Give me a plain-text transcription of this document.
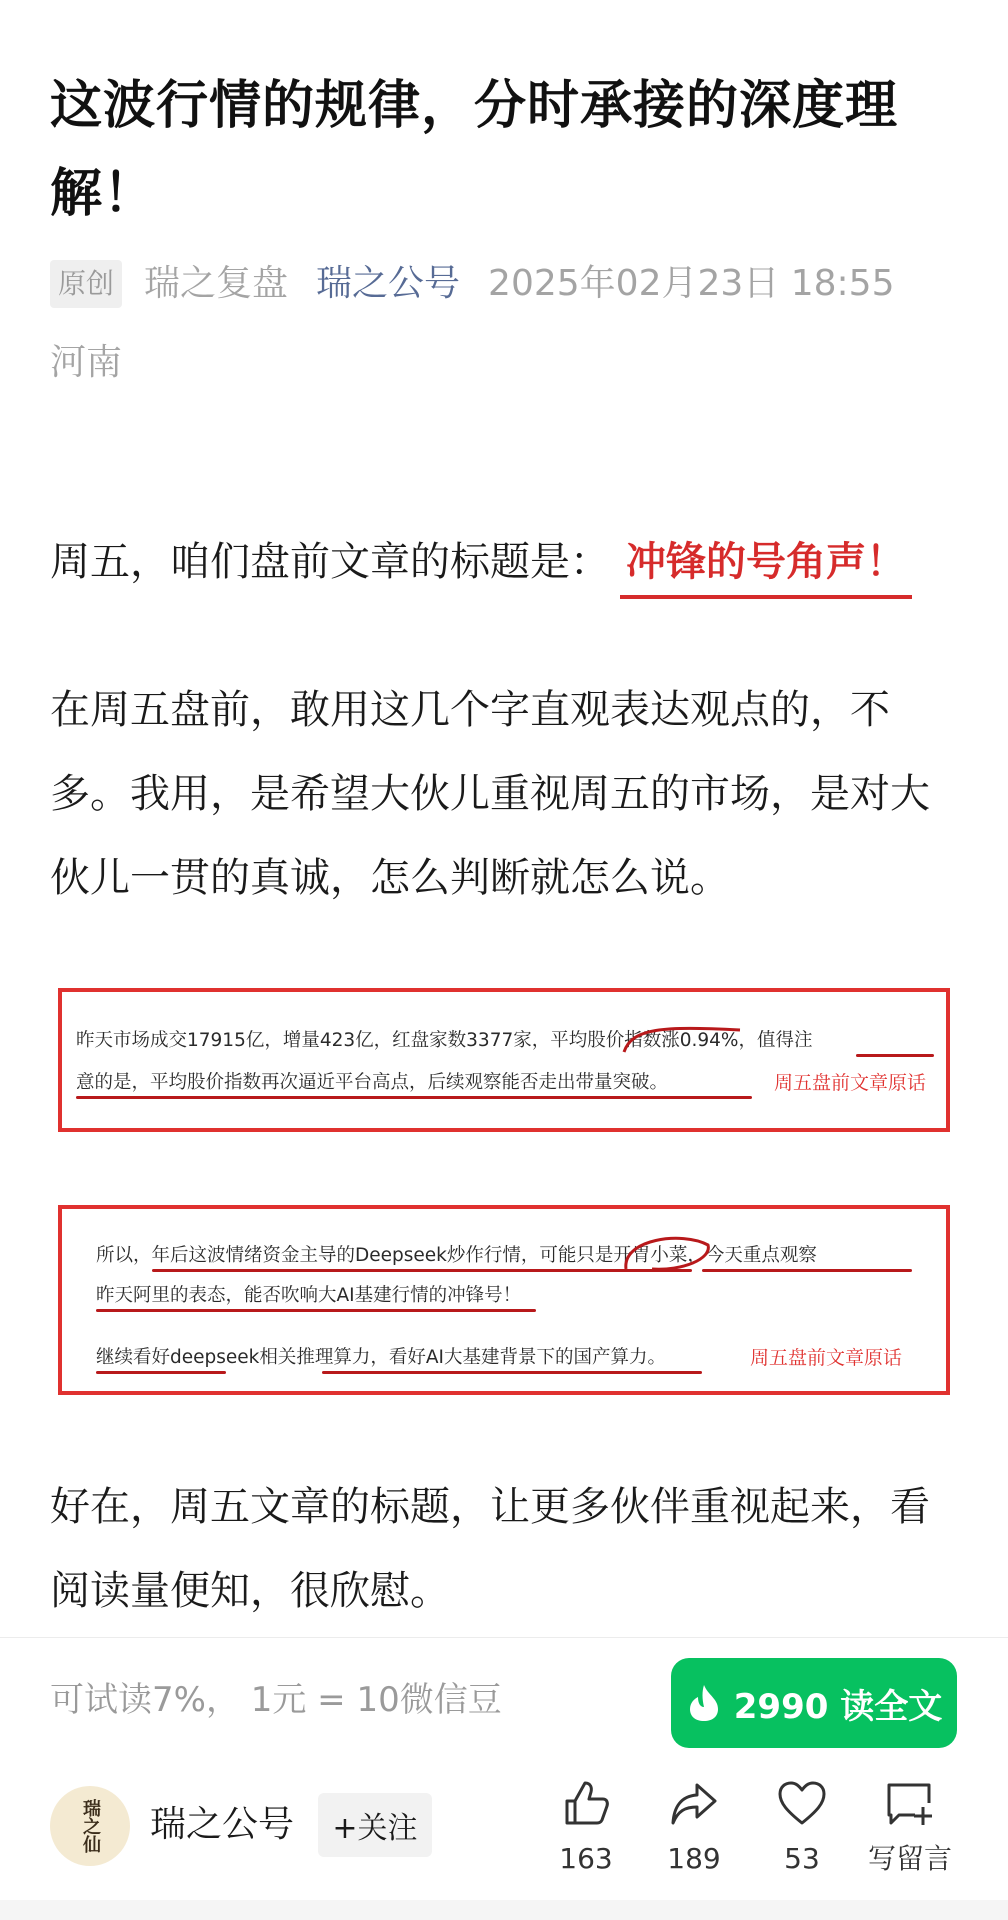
这波行情的规律，分时承接的深度理解！
原创 瑞之复盘 瑞之公号 2025年02月23日 18:55
河南
周五，咱们盘前文章的标题是： 冲锋的号角声！
在周五盘前，敢用这几个字直观表达观点的，不多。我用，是希望大伙儿重视周五的市场，是对大伙儿一贯的真诚，怎么判断就怎么说。
昨天市场成交17915亿，增量423亿，红盘家数3377家，平均股价指数涨0.94%，值得注
意的是，平均股价指数再次逼近平台高点，后续观察能否走出带量突破。	周五盘前文章原话
所以，年后这波情绪资金主导的Deepseek炒作行情，可能只是开胃小菜，今天重点观察
昨天阿里的表态，能否吹响大AI基建行情的冲锋号！
继续看好deepseek相关推理算力，看好AI大基建背景下的国产算力。	周五盘前文章原话
好在，周五文章的标题，让更多伙伴重视起来，看阅读量便知，很欣慰。
可试读7%， 1元 = 10微信豆	2990 读全文
瑞之仙 瑞之公号	+关注
163	189	53	写留言
